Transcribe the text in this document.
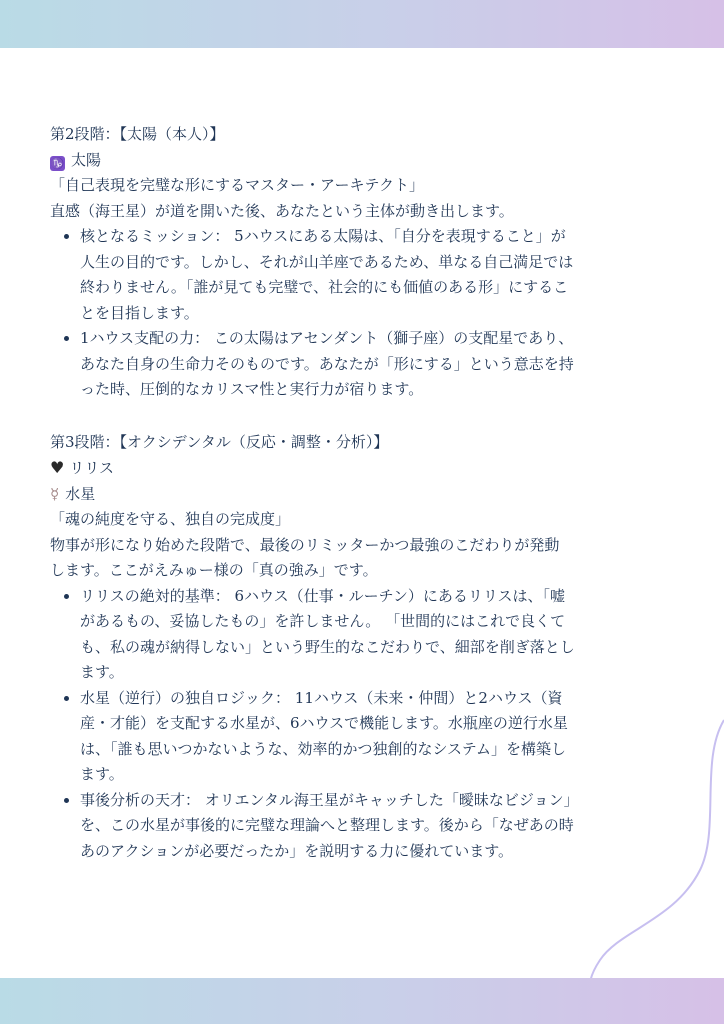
第2段階：【太陽（本人）】
♑ 太陽
「自己表現を完璧な形にするマスター・アーキテクト」
直感（海王星）が道を開いた後、あなたという主体が動き出します。
核となるミッション： 5ハウスにある太陽は、「自分を表現すること」が
人生の目的です。しかし、それが山羊座であるため、単なる自己満足では
終わりません。「誰が見ても完璧で、社会的にも価値のある形」にするこ
とを目指します。
1ハウス支配の力： この太陽はアセンダント（獅子座）の支配星であり、
あなた自身の生命力そのものです。あなたが「形にする」という意志を持
った時、圧倒的なカリスマ性と実行力が宿ります。
第3段階：【オクシデンタル（反応・調整・分析）】
♥ リリス
☿ 水星
「魂の純度を守る、独自の完成度」
物事が形になり始めた段階で、最後のリミッターかつ最強のこだわりが発動
します。ここがえみゅー様の「真の強み」です。
リリスの絶対的基準： 6ハウス（仕事・ルーチン）にあるリリスは、「嘘
があるもの、妥協したもの」を許しません。 「世間的にはこれで良くて
も、私の魂が納得しない」という野生的なこだわりで、細部を削ぎ落とし
ます。
水星（逆行）の独自ロジック： 11ハウス（未来・仲間）と2ハウス（資
産・才能）を支配する水星が、6ハウスで機能します。水瓶座の逆行水星
は、「誰も思いつかないような、効率的かつ独創的なシステム」を構築し
ます。
事後分析の天才： オリエンタル海王星がキャッチした「曖昧なビジョン」
を、この水星が事後的に完璧な理論へと整理します。後から「なぜあの時
あのアクションが必要だったか」を説明する力に優れています。
